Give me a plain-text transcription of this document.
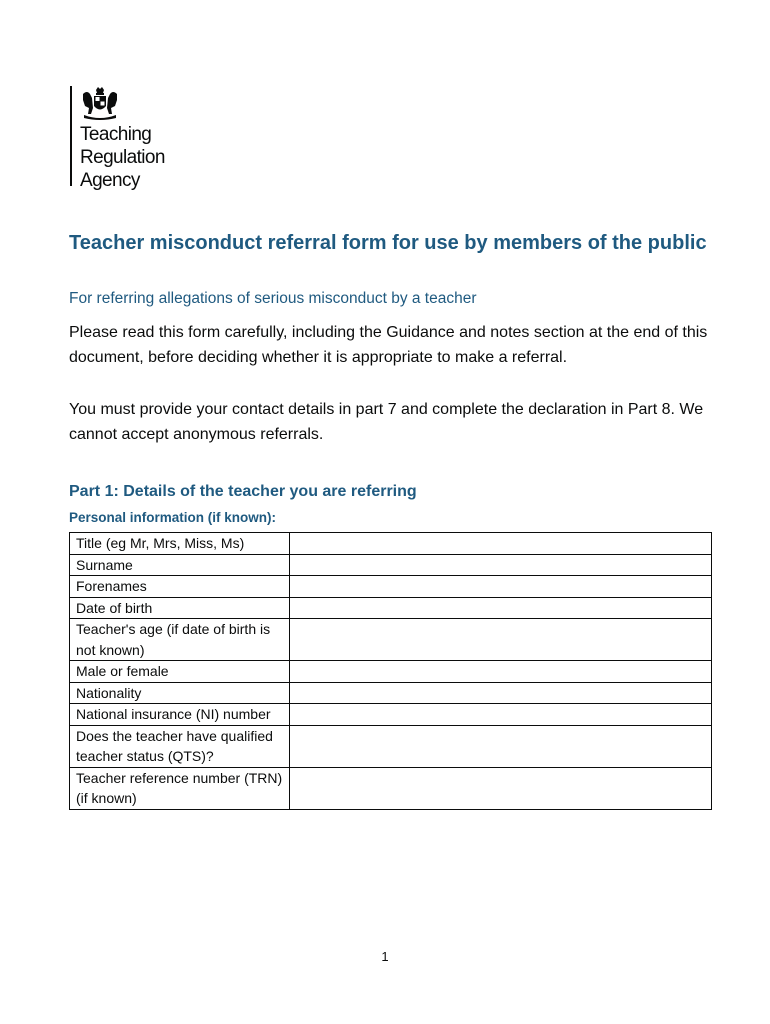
Teaching
Regulation
Agency
Teacher misconduct referral form for use by members of the public

For referring allegations of serious misconduct by a teacher

Please read this form carefully, including the Guidance and notes section at the end of this document, before deciding whether it is appropriate to make a referral.

You must provide your contact details in part 7 and complete the declaration in Part 8. We cannot accept anonymous referrals.

Part 1: Details of the teacher you are referring
Personal information (if known):
Title (eg Mr, Mrs, Miss, Ms)	
Surname	
Forenames	
Date of birth	
Teacher's age (if date of birth is not known)	
Male or female	
Nationality	
National insurance (NI) number	
Does the teacher have qualified teacher status (QTS)?	
Teacher reference number (TRN) (if known)	
1
